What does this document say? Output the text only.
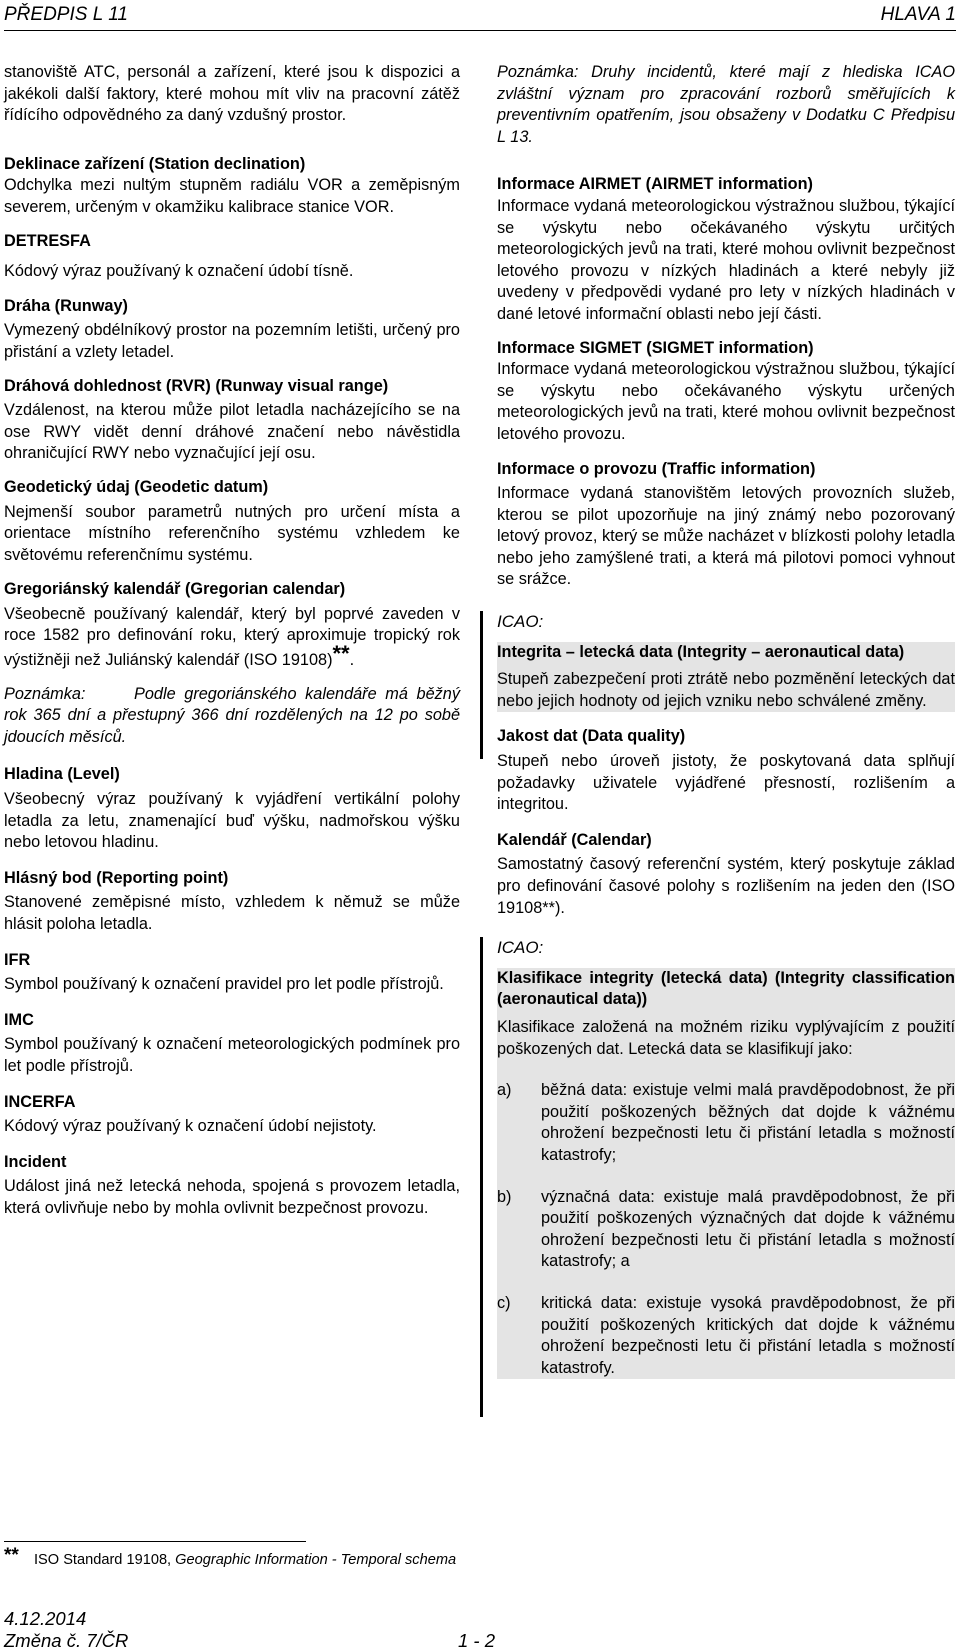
PŘEDPIS L 11	HLAVA 1
stanoviště ATC, personál a zařízení, které jsou k dispozici a jakékoli další faktory, které mohou mít vliv na pracovní zátěž řídícího odpovědného za daný vzdušný prostor.
Deklinace zařízení (Station declination)
Odchylka mezi nultým stupněm radiálu VOR a zeměpisným severem, určeným v okamžiku kalibrace stanice VOR.
DETRESFA
Kódový výraz používaný k označení údobí tísně.
Dráha (Runway)
Vymezený obdélníkový prostor na pozemním letišti, určený pro přistání a vzlety letadel.
Dráhová dohlednost (RVR) (Runway visual range)
Vzdálenost, na kterou může pilot letadla nacházejícího se na ose RWY vidět denní dráhové značení nebo návěstidla ohraničující RWY nebo vyznačující její osu.
Geodetický údaj (Geodetic datum)
Nejmenší soubor parametrů nutných pro určení místa a orientace místního referenčního systému vzhledem ke světovému referenčnímu systému.
Gregoriánský kalendář (Gregorian calendar)
Všeobecně používaný kalendář, který byl poprvé zaveden v roce 1582 pro definování roku, který aproximuje tropický rok výstižněji než Juliánský kalendář (ISO 19108)**.
Poznámka:	Podle gregoriánského kalendáře má běžný rok 365 dní a přestupný 366 dní rozdělených na 12 po sobě jdoucích měsíců.
Hladina (Level)
Všeobecný výraz používaný k vyjádření vertikální polohy letadla za letu, znamenající buď výšku, nadmořskou výšku nebo letovou hladinu.
Hlásný bod (Reporting point)
Stanovené zeměpisné místo, vzhledem k němuž se může hlásit poloha letadla.
IFR
Symbol používaný k označení pravidel pro let podle přístrojů.
IMC
Symbol používaný k označení meteorologických podmínek pro let podle přístrojů.
INCERFA
Kódový výraz používaný k označení údobí nejistoty.
Incident
Událost jiná než letecká nehoda, spojená s provozem letadla, která ovlivňuje nebo by mohla ovlivnit bezpečnost provozu.
Poznámka: Druhy incidentů, které mají z hlediska ICAO zvláštní význam pro zpracování rozborů směřujících k preventivním opatřením, jsou obsaženy v Dodatku C Předpisu L 13.
Informace AIRMET (AIRMET information)
Informace vydaná meteorologickou výstražnou službou, týkající se výskytu nebo očekávaného výskytu určitých meteorologických jevů na trati, které mohou ovlivnit bezpečnost letového provozu v nízkých hladinách a které nebyly již uvedeny v předpovědi vydané pro lety v nízkých hladinách v dané letové informační oblasti nebo její části.
Informace SIGMET (SIGMET information)
Informace vydaná meteorologickou výstražnou službou, týkající se výskytu nebo očekávaného výskytu určených meteorologických jevů na trati, které mohou ovlivnit bezpečnost letového provozu.
Informace o provozu (Traffic information)
Informace vydaná stanovištěm letových provozních služeb, kterou se pilot upozorňuje na jiný známý nebo pozorovaný letový provoz, který se může nacházet v blízkosti polohy letadla nebo jeho zamýšlené trati, a která má pilotovi pomoci vyhnout se srážce.
ICAO:
Integrita – letecká data (Integrity – aeronautical data)
Stupeň zabezpečení proti ztrátě nebo pozměnění leteckých dat nebo jejich hodnoty od jejich vzniku nebo schválené změny.
Jakost dat (Data quality)
Stupeň nebo úroveň jistoty, že poskytovaná data splňují požadavky uživatele vyjádřené přesností, rozlišením a integritou.
Kalendář (Calendar)
Samostatný časový referenční systém, který poskytuje základ pro definování časové polohy s rozlišením na jeden den (ISO 19108**).
ICAO:
Klasifikace integrity (letecká data) (Integrity classification (aeronautical data))
Klasifikace založená na možném riziku vyplývajícím z použití poškozených dat. Letecká data se klasifikují jako:
a)	běžná data: existuje velmi malá pravděpodobnost, že při použití poškozených běžných dat dojde k vážnému ohrožení bezpečnosti letu či přistání letadla s možností katastrofy;
b)	význačná data: existuje malá pravděpodobnost, že při použití poškozených význačných dat dojde k vážnému ohrožení bezpečnosti letu či přistání letadla s možností katastrofy; a
c)	kritická data: existuje vysoká pravděpodobnost, že při použití poškozených kritických dat dojde k vážnému ohrožení bezpečnosti letu či přistání letadla s možností katastrofy.
** ISO Standard 19108, Geographic Information - Temporal schema
4.12.2014
Změna č. 7/ČR	1 - 2
